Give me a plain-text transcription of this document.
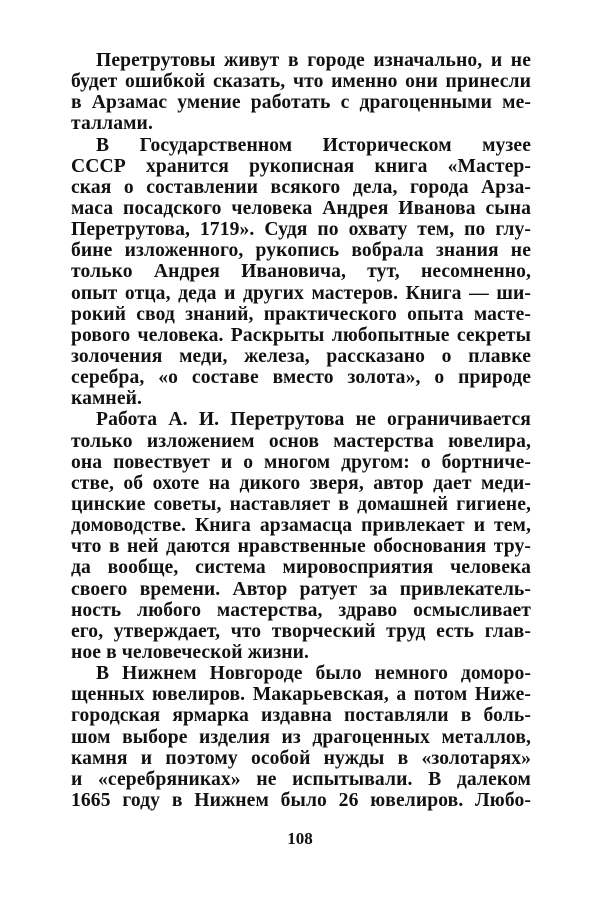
Перетрутовы живут в городе изначально, и не
будет ошибкой сказать, что именно они принесли
в Арзамас умение работать с драгоценными ме-
таллами.
В Государственном Историческом музее
СССР хранится рукописная книга «Мастер-
ская о составлении всякого дела, города Арза-
маса посадского человека Андрея Иванова сына
Перетрутова, 1719». Судя по охвату тем, по глу-
бине изложенного, рукопись вобрала знания не
только Андрея Ивановича, тут, несомненно,
опыт отца, деда и других мастеров. Книга — ши-
рокий свод знаний, практического опыта масте-
рового человека. Раскрыты любопытные секреты
золочения меди, железа, рассказано о плавке
серебра, «о составе вместо золота», о природе
камней.
Работа А. И. Перетрутова не ограничивается
только изложением основ мастерства ювелира,
она повествует и о многом другом: о бортниче-
стве, об охоте на дикого зверя, автор дает меди-
цинские советы, наставляет в домашней гигиене,
домоводстве. Книга арзамасца привлекает и тем,
что в ней даются нравственные обоснования тру-
да вообще, система мировосприятия человека
своего времени. Автор ратует за привлекатель-
ность любого мастерства, здраво осмысливает
его, утверждает, что творческий труд есть глав-
ное в человеческой жизни.
В Нижнем Новгороде было немного доморо-
щенных ювелиров. Макарьевская, а потом Ниже-
городская ярмарка издавна поставляли в боль-
шом выборе изделия из драгоценных металлов,
камня и поэтому особой нужды в «золотарях»
и «серебряниках» не испытывали. В далеком
1665 году в Нижнем было 26 ювелиров. Любо-
108
